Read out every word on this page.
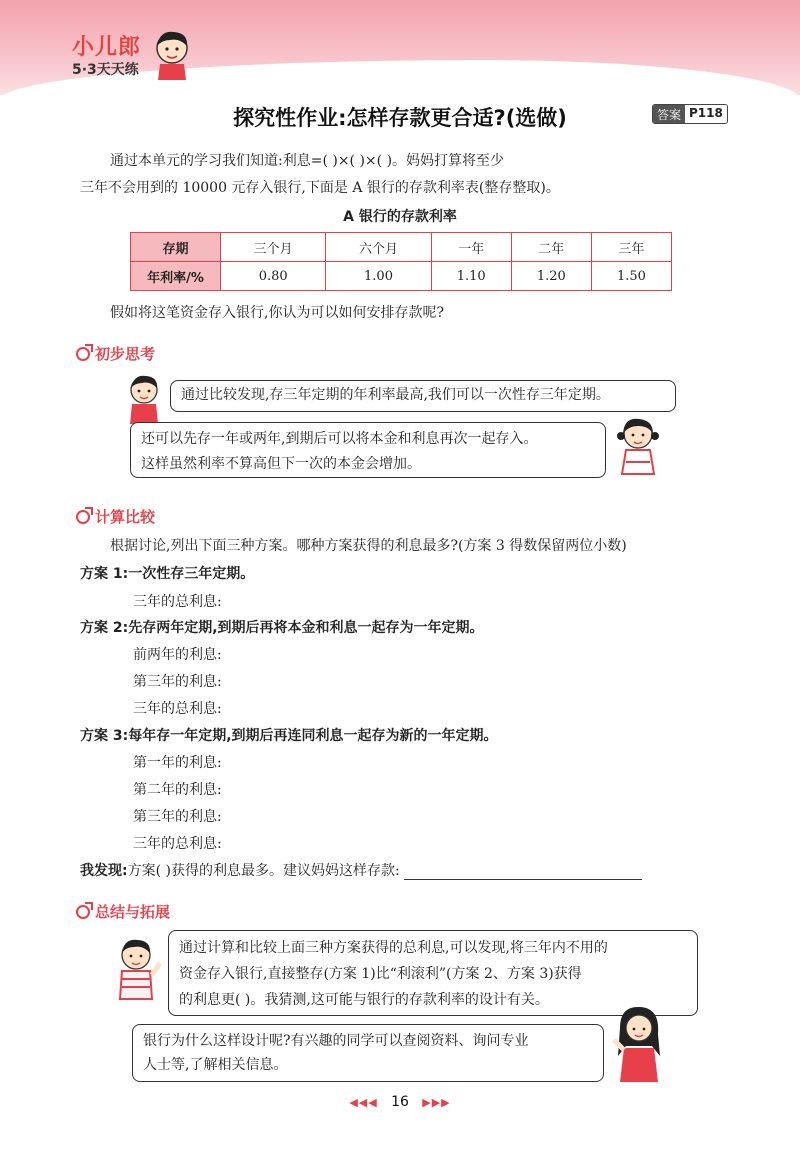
小儿郎
5·3天天练
探究性作业:怎样存款更合适?(选做)	答案 P118
通过本单元的学习我们知道:利息=( )×( )×( )。妈妈打算将至少
三年不会用到的 10000 元存入银行,下面是 A 银行的存款利率表(整存整取)。
A 银行的存款利率
存期	三个月	六个月	一年	二年	三年
年利率/%	0.80	1.00	1.10	1.20	1.50
假如将这笔资金存入银行,你认为可以如何安排存款呢?
初步思考
通过比较发现,存三年定期的年利率最高,我们可以一次性存三年定期。
还可以先存一年或两年,到期后可以将本金和利息再次一起存入。
这样虽然利率不算高但下一次的本金会增加。
计算比较
根据讨论,列出下面三种方案。哪种方案获得的利息最多?(方案 3 得数保留两位小数)
方案 1:一次性存三年定期。
三年的总利息:
方案 2:先存两年定期,到期后再将本金和利息一起存为一年定期。
前两年的利息:
第三年的利息:
三年的总利息:
方案 3:每年存一年定期,到期后再连同利息一起存为新的一年定期。
第一年的利息:
第二年的利息:
第三年的利息:
三年的总利息:
我发现:方案( )获得的利息最多。建议妈妈这样存款:
总结与拓展
通过计算和比较上面三种方案获得的总利息,可以发现,将三年内不用的
资金存入银行,直接整存(方案 1)比“利滚利”(方案 2、方案 3)获得
的利息更( )。我猜测,这可能与银行的存款利率的设计有关。
银行为什么这样设计呢?有兴趣的同学可以查阅资料、询问专业
人士等,了解相关信息。
◀◀◀ 16 ▶▶▶
